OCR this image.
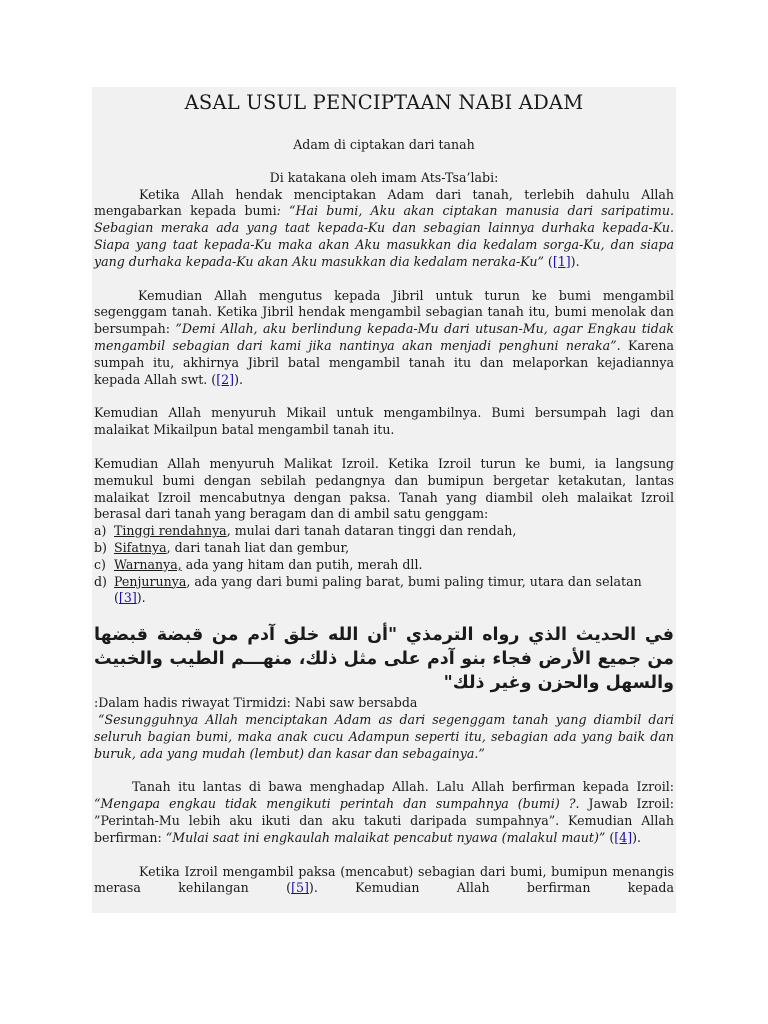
ASAL USUL PENCIPTAAN NABI ADAM

Adam di ciptakan dari tanah

Di katakana oleh imam Ats-Tsa’labi:

Ketika Allah hendak menciptakan Adam dari tanah, terlebih dahulu Allah mengabarkan kepada bumi: “Hai bumi, Aku akan ciptakan manusia dari saripatimu. Sebagian meraka ada yang taat kepada-Ku dan sebagian lainnya durhaka kepada-Ku. Siapa yang taat kepada-Ku maka akan Aku masukkan dia kedalam sorga-Ku, dan siapa yang durhaka kepada-Ku akan Aku masukkan dia kedalam neraka-Ku” ([1]).

Kemudian Allah mengutus kepada Jibril untuk turun ke bumi mengambil segenggam tanah. Ketika Jibril hendak mengambil sebagian tanah itu, bumi menolak dan bersumpah: ”Demi Allah, aku berlindung kepada-Mu dari utusan-Mu, agar Engkau tidak mengambil sebagian dari kami jika nantinya akan menjadi penghuni neraka”. Karena sumpah itu, akhirnya Jibril batal mengambil tanah itu dan melaporkan kejadiannya kepada Allah swt. ([2]).

Kemudian Allah menyuruh Mikail untuk mengambilnya. Bumi bersumpah lagi dan malaikat Mikailpun batal mengambil tanah itu.

Kemudian Allah menyuruh Malikat Izroil. Ketika Izroil turun ke bumi, ia langsung memukul bumi dengan sebilah pedangnya dan bumipun bergetar ketakutan, lantas malaikat Izroil mencabutnya dengan paksa. Tanah yang diambil oleh malaikat Izroil berasal dari tanah yang beragam dan di ambil satu genggam:

a) Tinggi rendahnya, mulai dari tanah dataran tinggi dan rendah,
b) Sifatnya, dari tanah liat dan gembur,
c) Warnanya, ada yang hitam dan putih, merah dll.
d) Penjurunya, ada yang dari bumi paling barat, bumi paling timur, utara dan selatan

([3]).

في الحديث الذي رواه الترمذي "أن الله خلق آدم من قبضة قبضها من جميع الأرض فجاء بنو آدم على مثل ذلك، منهـــم الطيب والخبيث والسهل والحزن وغير ذلك"

:Dalam hadis riwayat Tirmidzi: Nabi saw bersabda

“Sesungguhnya Allah menciptakan Adam as dari segenggam tanah yang diambil dari seluruh bagian bumi, maka anak cucu Adampun seperti itu, sebagian ada yang baik dan buruk, ada yang mudah (lembut) dan kasar dan sebagainya.”

Tanah itu lantas di bawa menghadap Allah. Lalu Allah berfirman kepada Izroil: “Mengapa engkau tidak mengikuti perintah dan sumpahnya (bumi) ?. Jawab Izroil: ”Perintah-Mu lebih aku ikuti dan aku takuti daripada sumpahnya”. Kemudian Allah berfirman: “Mulai saat ini engkaulah malaikat pencabut nyawa (malakul maut)” ([4]).

Ketika Izroil mengambil paksa (mencabut) sebagian dari bumi, bumipun menangis merasa kehilangan ([5]). Kemudian Allah berfirman kepada
